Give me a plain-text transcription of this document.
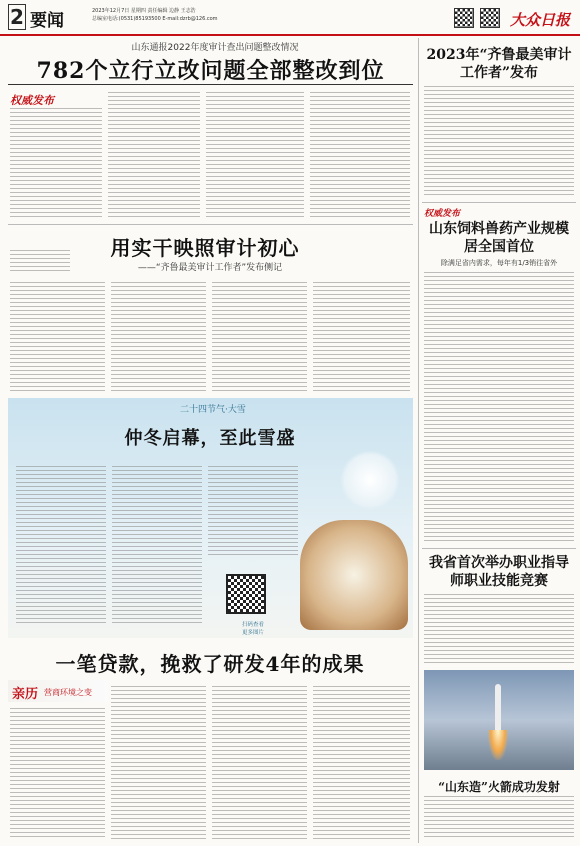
2 要闻	2023年12月7日 星期四 责任编辑 边静 王志浩
总编室电话:(0531)85193500 E-mail:dzrb@126.com	大众日报
山东通报2022年度审计查出问题整改情况
782个立行立改问题全部整改到位
权威发布
用实干映照审计初心
——“齐鲁最美审计工作者”发布侧记
二十四节气·大雪
仲冬启幕，至此雪盛
扫码查看
更多图片
一笔贷款，挽救了研发4年的成果
亲历 营商环境之变
2023年“齐鲁最美审计工作者”发布
权威发布
山东饲料兽药产业规模居全国首位
除满足省内需求，每年有1/3销往省外
我省首次举办职业指导师职业技能竞赛
“山东造”火箭成功发射
